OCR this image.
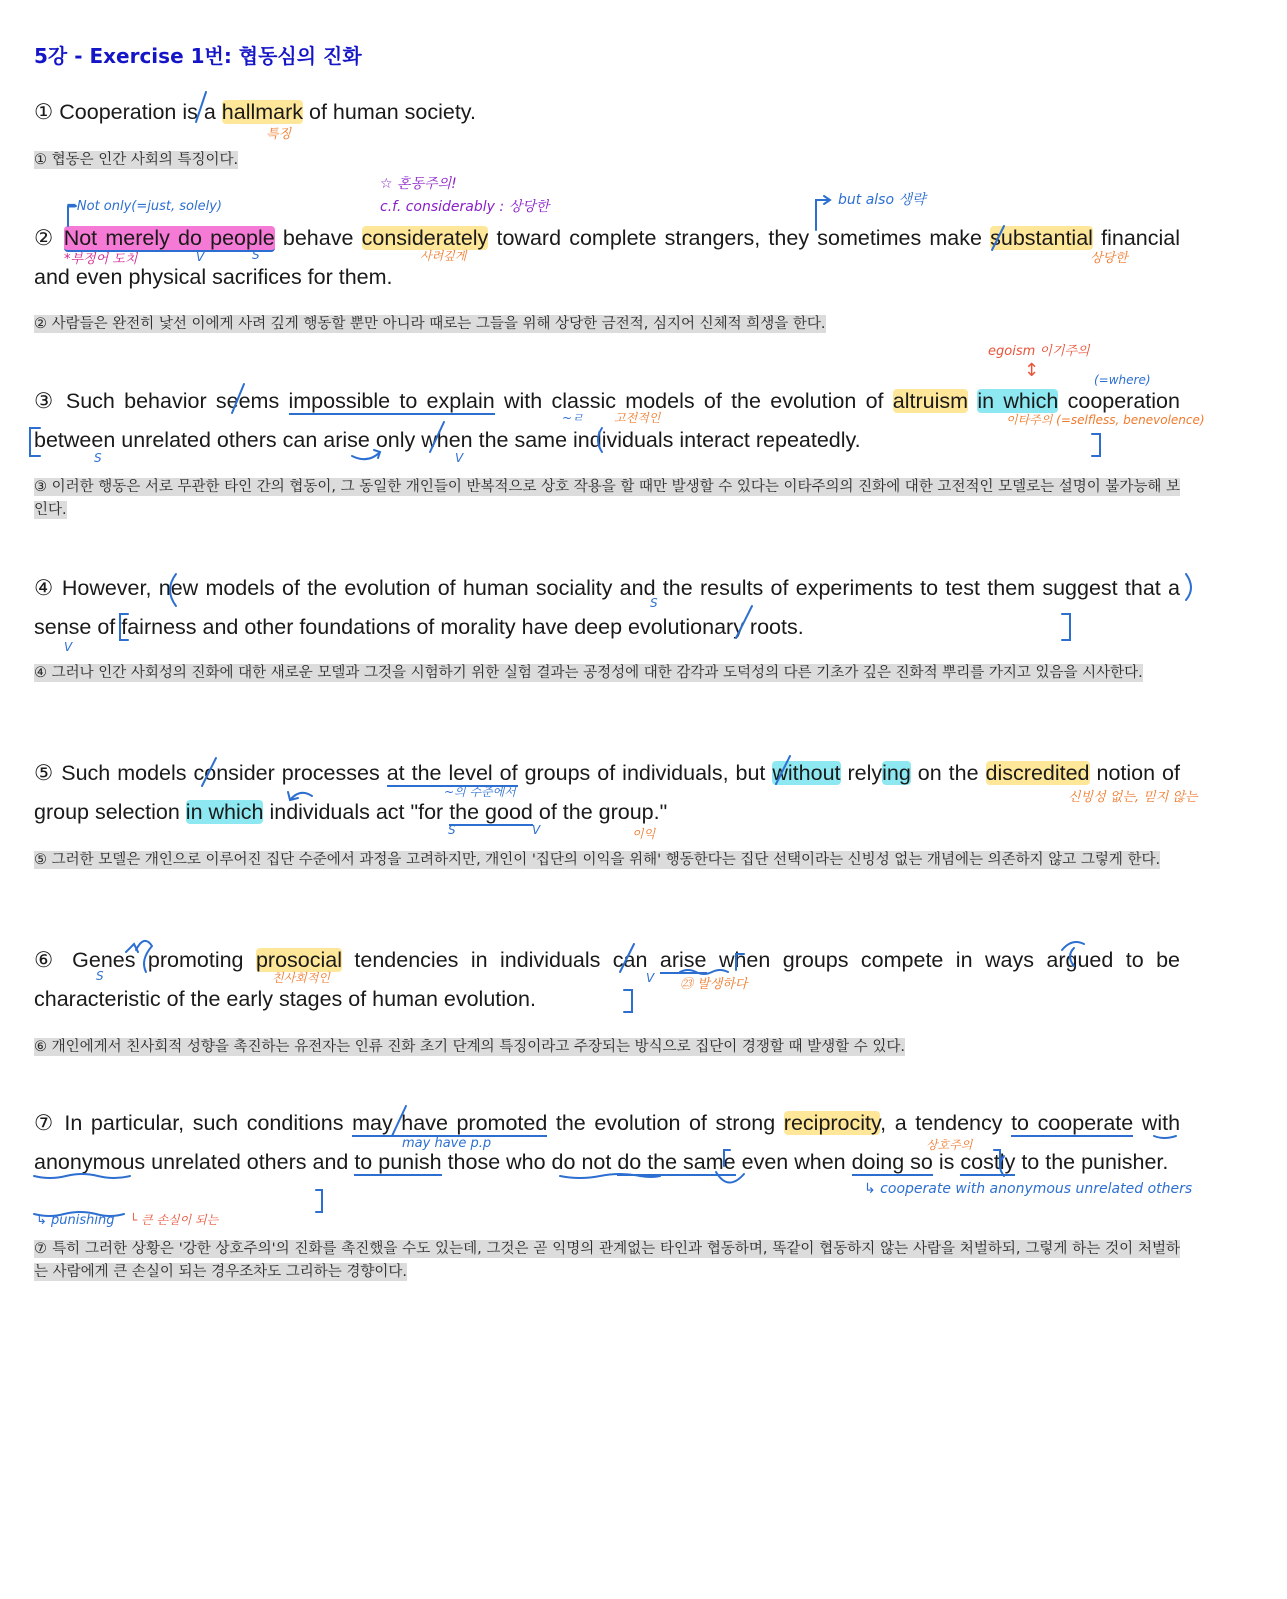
5강 - Exercise 1번: 협동심의 진화
① Cooperation is a hallmark of human society.
① 협동은 인간 사회의 특징이다.
② Not merely do people behave considerately toward complete strangers, they sometimes make substantial financial and even physical sacrifices for them.
② 사람들은 완전히 낯선 이에게 사려 깊게 행동할 뿐만 아니라 때로는 그들을 위해 상당한 금전적, 심지어 신체적 희생을 한다.
③ Such behavior seems impossible to explain with classic models of the evolution of altruism in which cooperation between unrelated others can arise only when the same individuals interact repeatedly.
③ 이러한 행동은 서로 무관한 타인 간의 협동이, 그 동일한 개인들이 반복적으로 상호 작용을 할 때만 발생할 수 있다는 이타주의의 진화에 대한 고전적인 모델로는 설명이 불가능해 보인다.
④ However, new models of the evolution of human sociality and the results of experiments to test them suggest that a sense of fairness and other foundations of morality have deep evolutionary roots.
④ 그러나 인간 사회성의 진화에 대한 새로운 모델과 그것을 시험하기 위한 실험 결과는 공정성에 대한 감각과 도덕성의 다른 기초가 깊은 진화적 뿌리를 가지고 있음을 시사한다.
⑤ Such models consider processes at the level of groups of individuals, but without relying on the discredited notion of group selection in which individuals act "for the good of the group."
⑤ 그러한 모델은 개인으로 이루어진 집단 수준에서 과정을 고려하지만, 개인이 '집단의 이익을 위해' 행동한다는 집단 선택이라는 신빙성 없는 개념에는 의존하지 않고 그렇게 한다.
⑥ Genes promoting prosocial tendencies in individuals can arise when groups compete in ways argued to be characteristic of the early stages of human evolution.
⑥ 개인에게서 친사회적 성향을 촉진하는 유전자는 인류 진화 초기 단계의 특징이라고 주장되는 방식으로 집단이 경쟁할 때 발생할 수 있다.
⑦ In particular, such conditions may have promoted the evolution of strong reciprocity, a tendency to cooperate with anonymous unrelated others and to punish those who do not do the same even when doing so is costly to the punisher.
⑦ 특히 그러한 상황은 '강한 상호주의'의 진화를 촉진했을 수도 있는데, 그것은 곧 익명의 관계없는 타인과 협동하며, 똑같이 협동하지 않는 사람을 처벌하되, 그렇게 하는 것이 처벌하는 사람에게 큰 손실이 되는 경우조차도 그리하는 경향이다.
특징
=Not only(=just, solely)
*부정어 도치
☆ 혼동주의!
c.f. considerably : 상당한
사려깊게
but also 생략
상당한
V	S
egoism 이기주의
↕	(=where)
이타주의 (=selfless, benevolence)
~ㄹ	고전적인
S	V
S
V
~의 수준에서	신빙성 없는, 믿지 않는
이익
S	V
친사회적인	㉓ 발생하다
S	V
may have p.p	상호주의
↳ cooperate with anonymous unrelated others
↳ punishing └ 큰 손실이 되는
